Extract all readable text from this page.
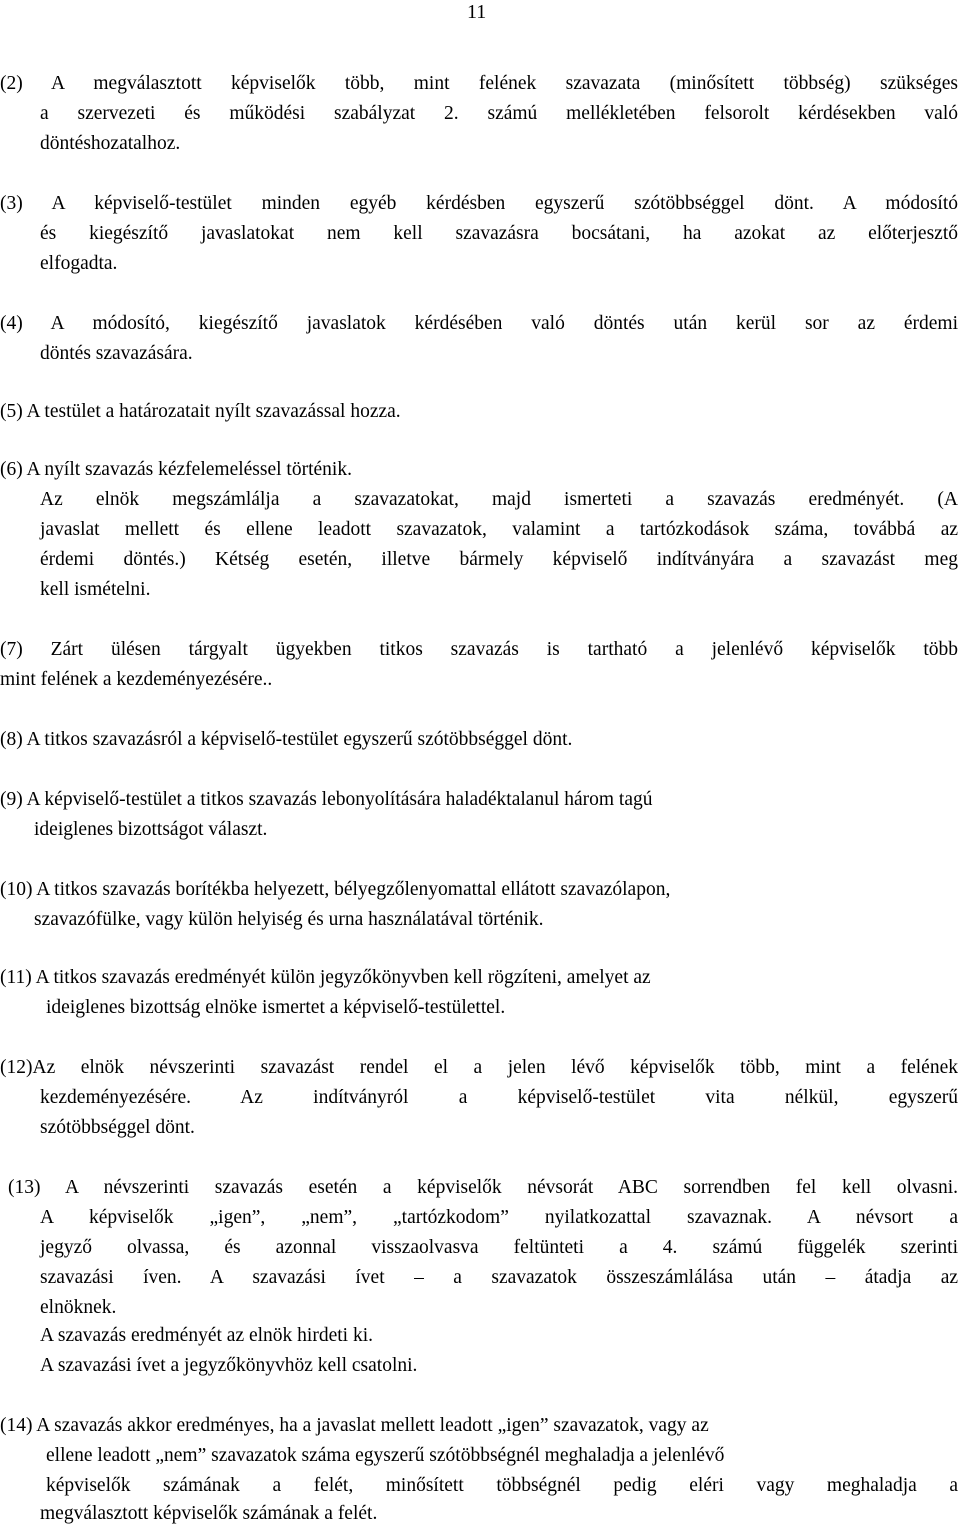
11
(2) A megválasztott képviselők több, mint felének szavazata (minősített többség) szükséges
a szervezeti és működési szabályzat 2. számú mellékletében felsorolt kérdésekben való
döntéshozatalhoz.
(3) A képviselő-testület minden egyéb kérdésben egyszerű szótöbbséggel dönt. A módosító
és kiegészítő javaslatokat nem kell szavazásra bocsátani, ha azokat az előterjesztő
elfogadta.
(4) A módosító, kiegészítő javaslatok kérdésében való döntés után kerül sor az érdemi
döntés szavazására.
(5) A testület a határozatait nyílt szavazással hozza.
(6) A nyílt szavazás kézfelemeléssel történik.
Az elnök megszámlálja a szavazatokat, majd ismerteti a szavazás eredményét. (A
javaslat mellett és ellene leadott szavazatok, valamint a tartózkodások száma, továbbá az
érdemi döntés.) Kétség esetén, illetve bármely képviselő indítványára a szavazást meg
kell ismételni.
(7) Zárt ülésen tárgyalt ügyekben titkos szavazás is tartható a jelenlévő képviselők több
mint felének a kezdeményezésére..
(8) A titkos szavazásról a képviselő-testület egyszerű szótöbbséggel dönt.
(9) A képviselő-testület a titkos szavazás lebonyolítására haladéktalanul három tagú
ideiglenes bizottságot választ.
(10) A titkos szavazás borítékba helyezett, bélyegzőlenyomattal ellátott szavazólapon,
szavazófülke, vagy külön helyiség és urna használatával történik.
(11) A titkos szavazás eredményét külön jegyzőkönyvben kell rögzíteni, amelyet az
ideiglenes bizottság elnöke ismertet a képviselő-testülettel.
(12)Az elnök névszerinti szavazást rendel el a jelen lévő képviselők több, mint a felének
kezdeményezésére. Az indítványról a képviselő-testület vita nélkül, egyszerű
szótöbbséggel dönt.
(13) A névszerinti szavazás esetén a képviselők névsorát ABC sorrendben fel kell olvasni.
A képviselők „igen”, „nem”, „tartózkodom” nyilatkozattal szavaznak. A névsort a
jegyző olvassa, és azonnal visszaolvasva feltünteti a 4. számú függelék szerinti
szavazási íven. A szavazási ívet – a szavazatok összeszámlálása után – átadja az
elnöknek.
A szavazás eredményét az elnök hirdeti ki.
A szavazási ívet a jegyzőkönyvhöz kell csatolni.
(14) A szavazás akkor eredményes, ha a javaslat mellett leadott „igen” szavazatok, vagy az
ellene leadott „nem” szavazatok száma egyszerű szótöbbségnél meghaladja a jelenlévő
képviselők számának a felét, minősített többségnél pedig eléri vagy meghaladja a
megválasztott képviselők számának a felét.
